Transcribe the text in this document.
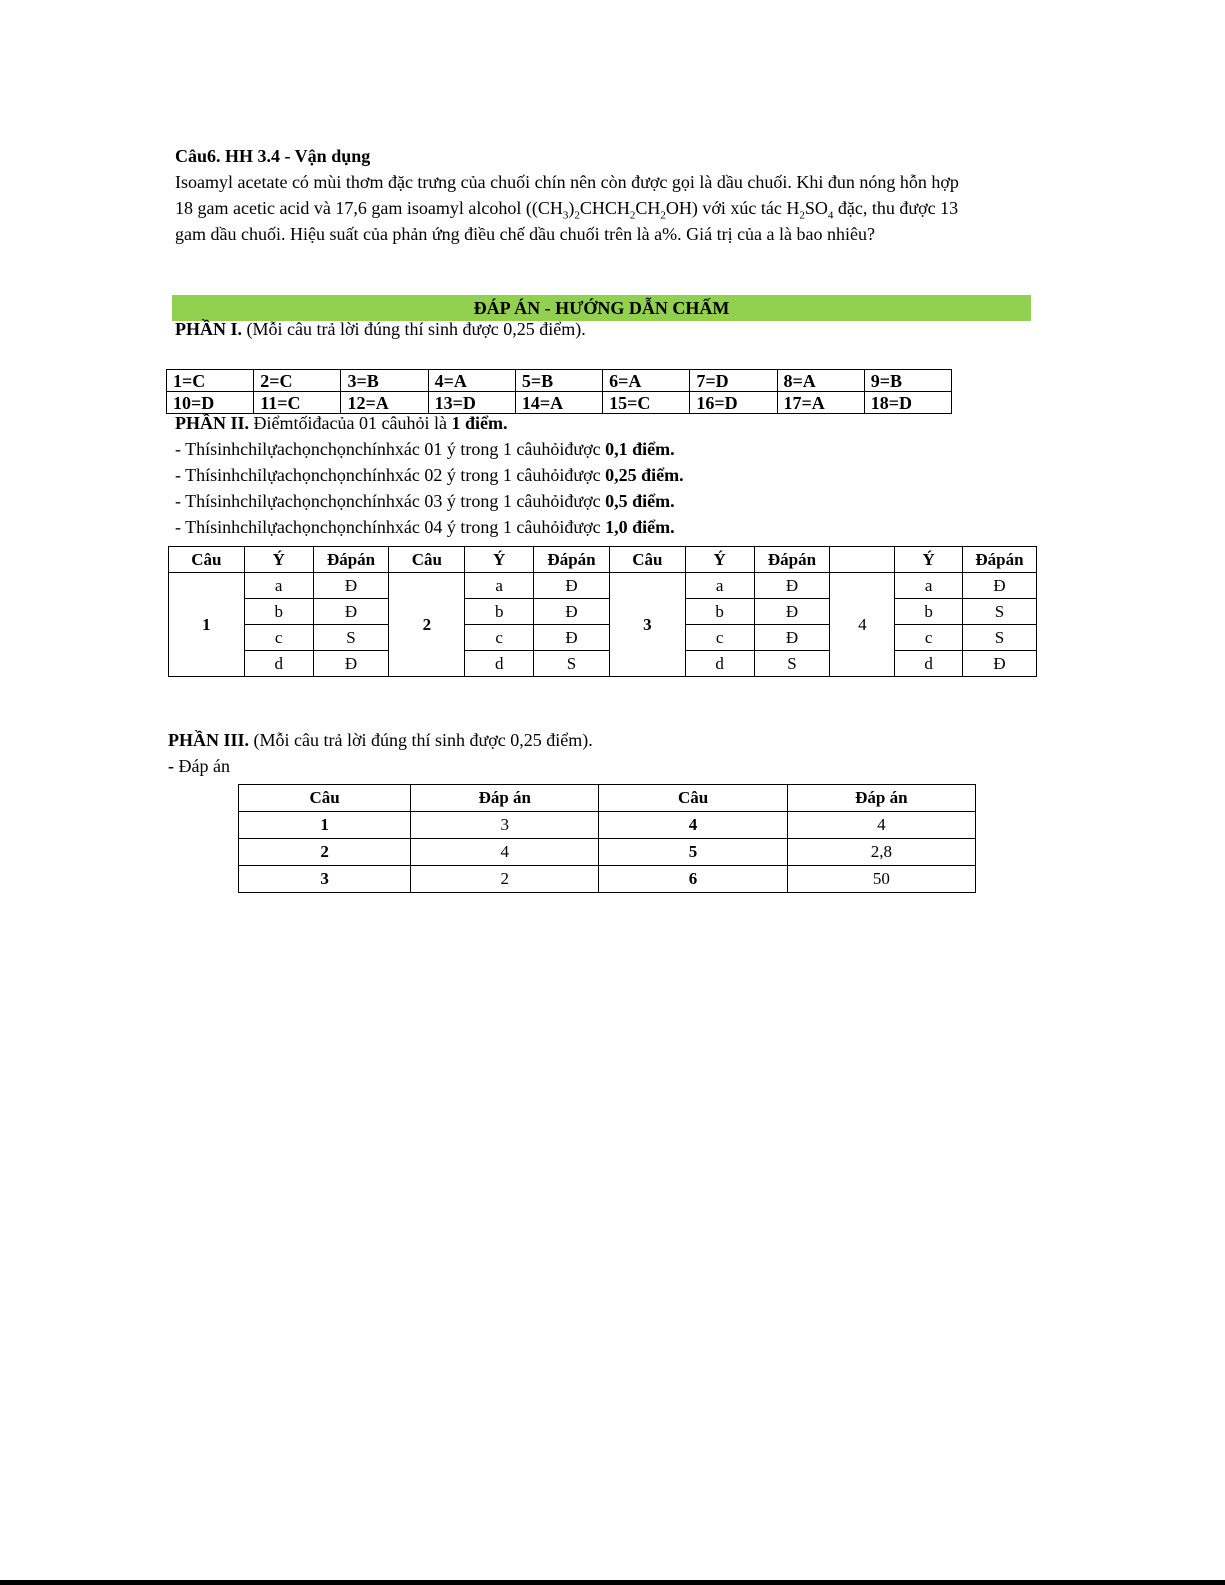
Câu6. HH 3.4 - Vận dụng
Isoamyl acetate có mùi thơm đặc trưng của chuối chín nên còn được gọi là dầu chuối. Khi đun nóng hỗn hợp
18 gam acetic acid và 17,6 gam isoamyl alcohol $((CH_3)_2CHCH_2CH_2OH)$ với xúc tác $H_2SO_4$ đặc, thu được 13
gam dầu chuối. Hiệu suất của phản ứng điều chế dầu chuối trên là a%. Giá trị của a là bao nhiêu?
ĐÁP ÁN - HƯỚNG DẪN CHẤM
PHẦN I. (Mỗi câu trả lời đúng thí sinh được 0,25 điểm).
1=C	2=C	3=B	4=A	5=B	6=A	7=D	8=A	9=B
10=D	11=C	12=A	13=D	14=A	15=C	16=D	17=A	18=D
PHẦN II. Điểmtốiđacủa 01 câuhỏi là 1 điểm.
- Thísinhchỉlựachọnchọnchínhxác 01 ý trong 1 câuhỏiđược 0,1 điểm.
- Thísinhchỉlựachọnchọnchínhxác 02 ý trong 1 câuhỏiđược 0,25 điểm.
- Thísinhchỉlựachọnchọnchínhxác 03 ý trong 1 câuhỏiđược 0,5 điểm.
- Thísinhchỉlựachọnchọnchínhxác 04 ý trong 1 câuhỏiđược 1,0 điểm.
Câu	Ý	Đápán	Câu	Ý	Đápán	Câu	Ý	Đápán		Ý	Đápán
1	a	Đ	2	a	Đ	3	a	Đ	4	a	Đ
	b	Đ		b	Đ		b	Đ		b	S
	c	S		c	Đ		c	Đ		c	S
	d	Đ		d	S		d	S		d	Đ
PHẦN III. (Mỗi câu trả lời đúng thí sinh được 0,25 điểm).
- Đáp án
Câu	Đáp án	Câu	Đáp án
1	3	4	4
2	4	5	2,8
3	2	6	50
